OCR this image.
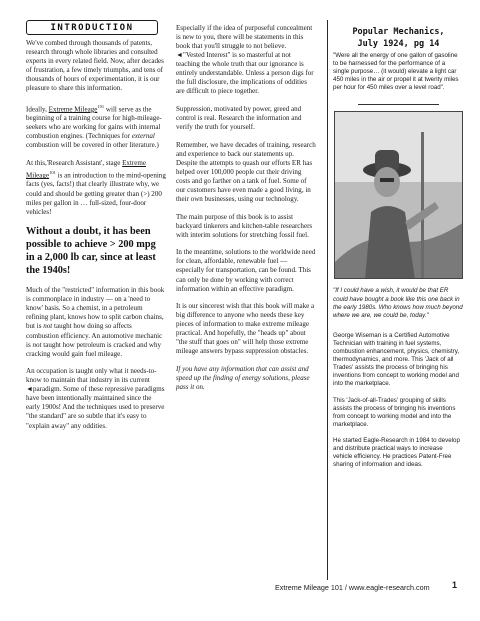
INTRODUCTION

We've combed through thousands of patents, research through whole libraries and consulted experts in every related field. Now, after decades of frustration, a few timely triumphs, and tens of thousands of hours of experimentation, it is our pleasure to share this information.

Ideally, Extreme Mileage$^{101}$ will serve as the beginning of a training course for high-mileage-seekers who are working for gains with internal combustion engines. (Techniques for external combustion will be covered in other literature.)

At this,'Research Assistant', stage Extreme Mileage$^{101}$ is an introduction to the mind-opening facts (yes, facts!) that clearly illustrate why, we could and should be getting greater than (>) 200 miles per gallon in … full-sized, four-door vehicles!

Without a doubt, it has been possible to achieve > 200 mpg in a 2,000 lb car, since at least the 1940s!

Much of the "restricted" information in this book is commonplace in industry — on a 'need to know' basis. So a chemist, in a petroleum refining plant, knows how to split carbon chains, but is not taught how doing so affects combustion efficiency. An automotive mechanic is not taught how petroleum is cracked and why cracking would gain fuel mileage.

An occupation is taught only what it needs-to-know to maintain that industry in its current ◄paradigm. Some of these repressive paradigms have been intentionally maintained since the early 1900s! And the techniques used to preserve "the standard" are so subtle that it's easy to "explain away" any oddities.

Especially if the idea of purposeful concealment is new to you, there will be statements in this book that you'll struggle to not believe. ◄"Vested Interest" is so masterful at not teaching the whole truth that our ignorance is entirely understandable. Unless a person digs for the full disclosure, the implications of oddities are difficult to piece together.

Suppression, motivated by power, greed and control is real. Research the information and verify the truth for yourself.

Remember, we have decades of training, research and experience to back our statements up. Despite the attempts to quash our efforts ER has helped over 100,000 people cut their driving costs and go farther on a tank of fuel. Some of our customers have even made a good living, in their own businesses, using our technology.

The main purpose of this book is to assist backyard tinkerers and kitchen-table researchers with interim solutions for stretching fossil fuel.

In the meantime, solutions to the worldwide need for clean, affordable, renewable fuel — especially for transportation, can be found. This can only be done by working with correct information within an effective paradigm.

It is our sincerest wish that this book will make a big difference to anyone who needs these key pieces of information to make extreme mileage practical. And hopefully, the "heads up" about "the stuff that goes on" will help those extreme mileage answers bypass suppression obstacles.

If you have any information that can assist and speed up the finding of energy solutions, please pass it on.

Popular Mechanics,
July 1924, pg 14

"Were all the energy of one gallon of gasoline to be harnessed for the performance of a single purpose… (it would) elevate a light car 450 miles in the air or propel it at twenty miles per hour for 450 miles over a level road".

"If I could have a wish, it would be that ER could have bought a book like this one back in the early 1980s. Who knows how much beyond where we are, we could be, today."

George Wiseman is a Certified Automotive Technician with training in fuel systems, combustion enhancement, physics, chemistry, thermodynamics, and more. This 'Jack of all Trades' assists the process of bringing his inventions from concept to working model and into the marketplace.

This 'Jack-of-all-Trades' grouping of skills assists the process of bringing his inventions from concept to working model and into the marketplace.

He started Eagle-Research in 1984 to develop and distribute practical ways to increase vehicle efficiency. He practices Patent-Free sharing of information and ideas.

Extreme Mileage 101 / www.eagle-research.com 1
